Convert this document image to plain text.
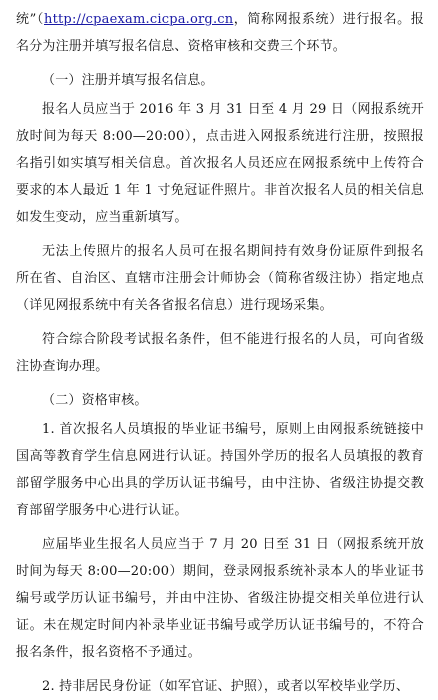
统”（http://cpaexam.cicpa.org.cn，简称网报系统）进行报名。报名分为注册并填写报名信息、资格审核和交费三个环节。

（一）注册并填写报名信息。

报名人员应当于 2016 年 3 月 31 日至 4 月 29 日（网报系统开放时间为每天 8:00—20:00），点击进入网报系统进行注册，按照报名指引如实填写相关信息。首次报名人员还应在网报系统中上传符合要求的本人最近 1 年 1 寸免冠证件照片。非首次报名人员的相关信息如发生变动，应当重新填写。

无法上传照片的报名人员可在报名期间持有效身份证原件到报名所在省、自治区、直辖市注册会计师协会（简称省级注协）指定地点（详见网报系统中有关各省报名信息）进行现场采集。

符合综合阶段考试报名条件，但不能进行报名的人员，可向省级注协查询办理。

（二）资格审核。

1. 首次报名人员填报的毕业证书编号，原则上由网报系统链接中国高等教育学生信息网进行认证。持国外学历的报名人员填报的教育部留学服务中心出具的学历认证书编号，由中注协、省级注协提交教育部留学服务中心进行认证。

应届毕业生报名人员应当于 7 月 20 日至 31 日（网报系统开放时间为每天 8:00—20:00）期间，登录网报系统补录本人的毕业证书编号或学历认证书编号，并由中注协、省级注协提交相关单位进行认证。未在规定时间内补录毕业证书编号或学历认证书编号的，不符合报名条件，报名资格不予通过。

2. 持非居民身份证（如军官证、护照），或者以军校毕业学历、
